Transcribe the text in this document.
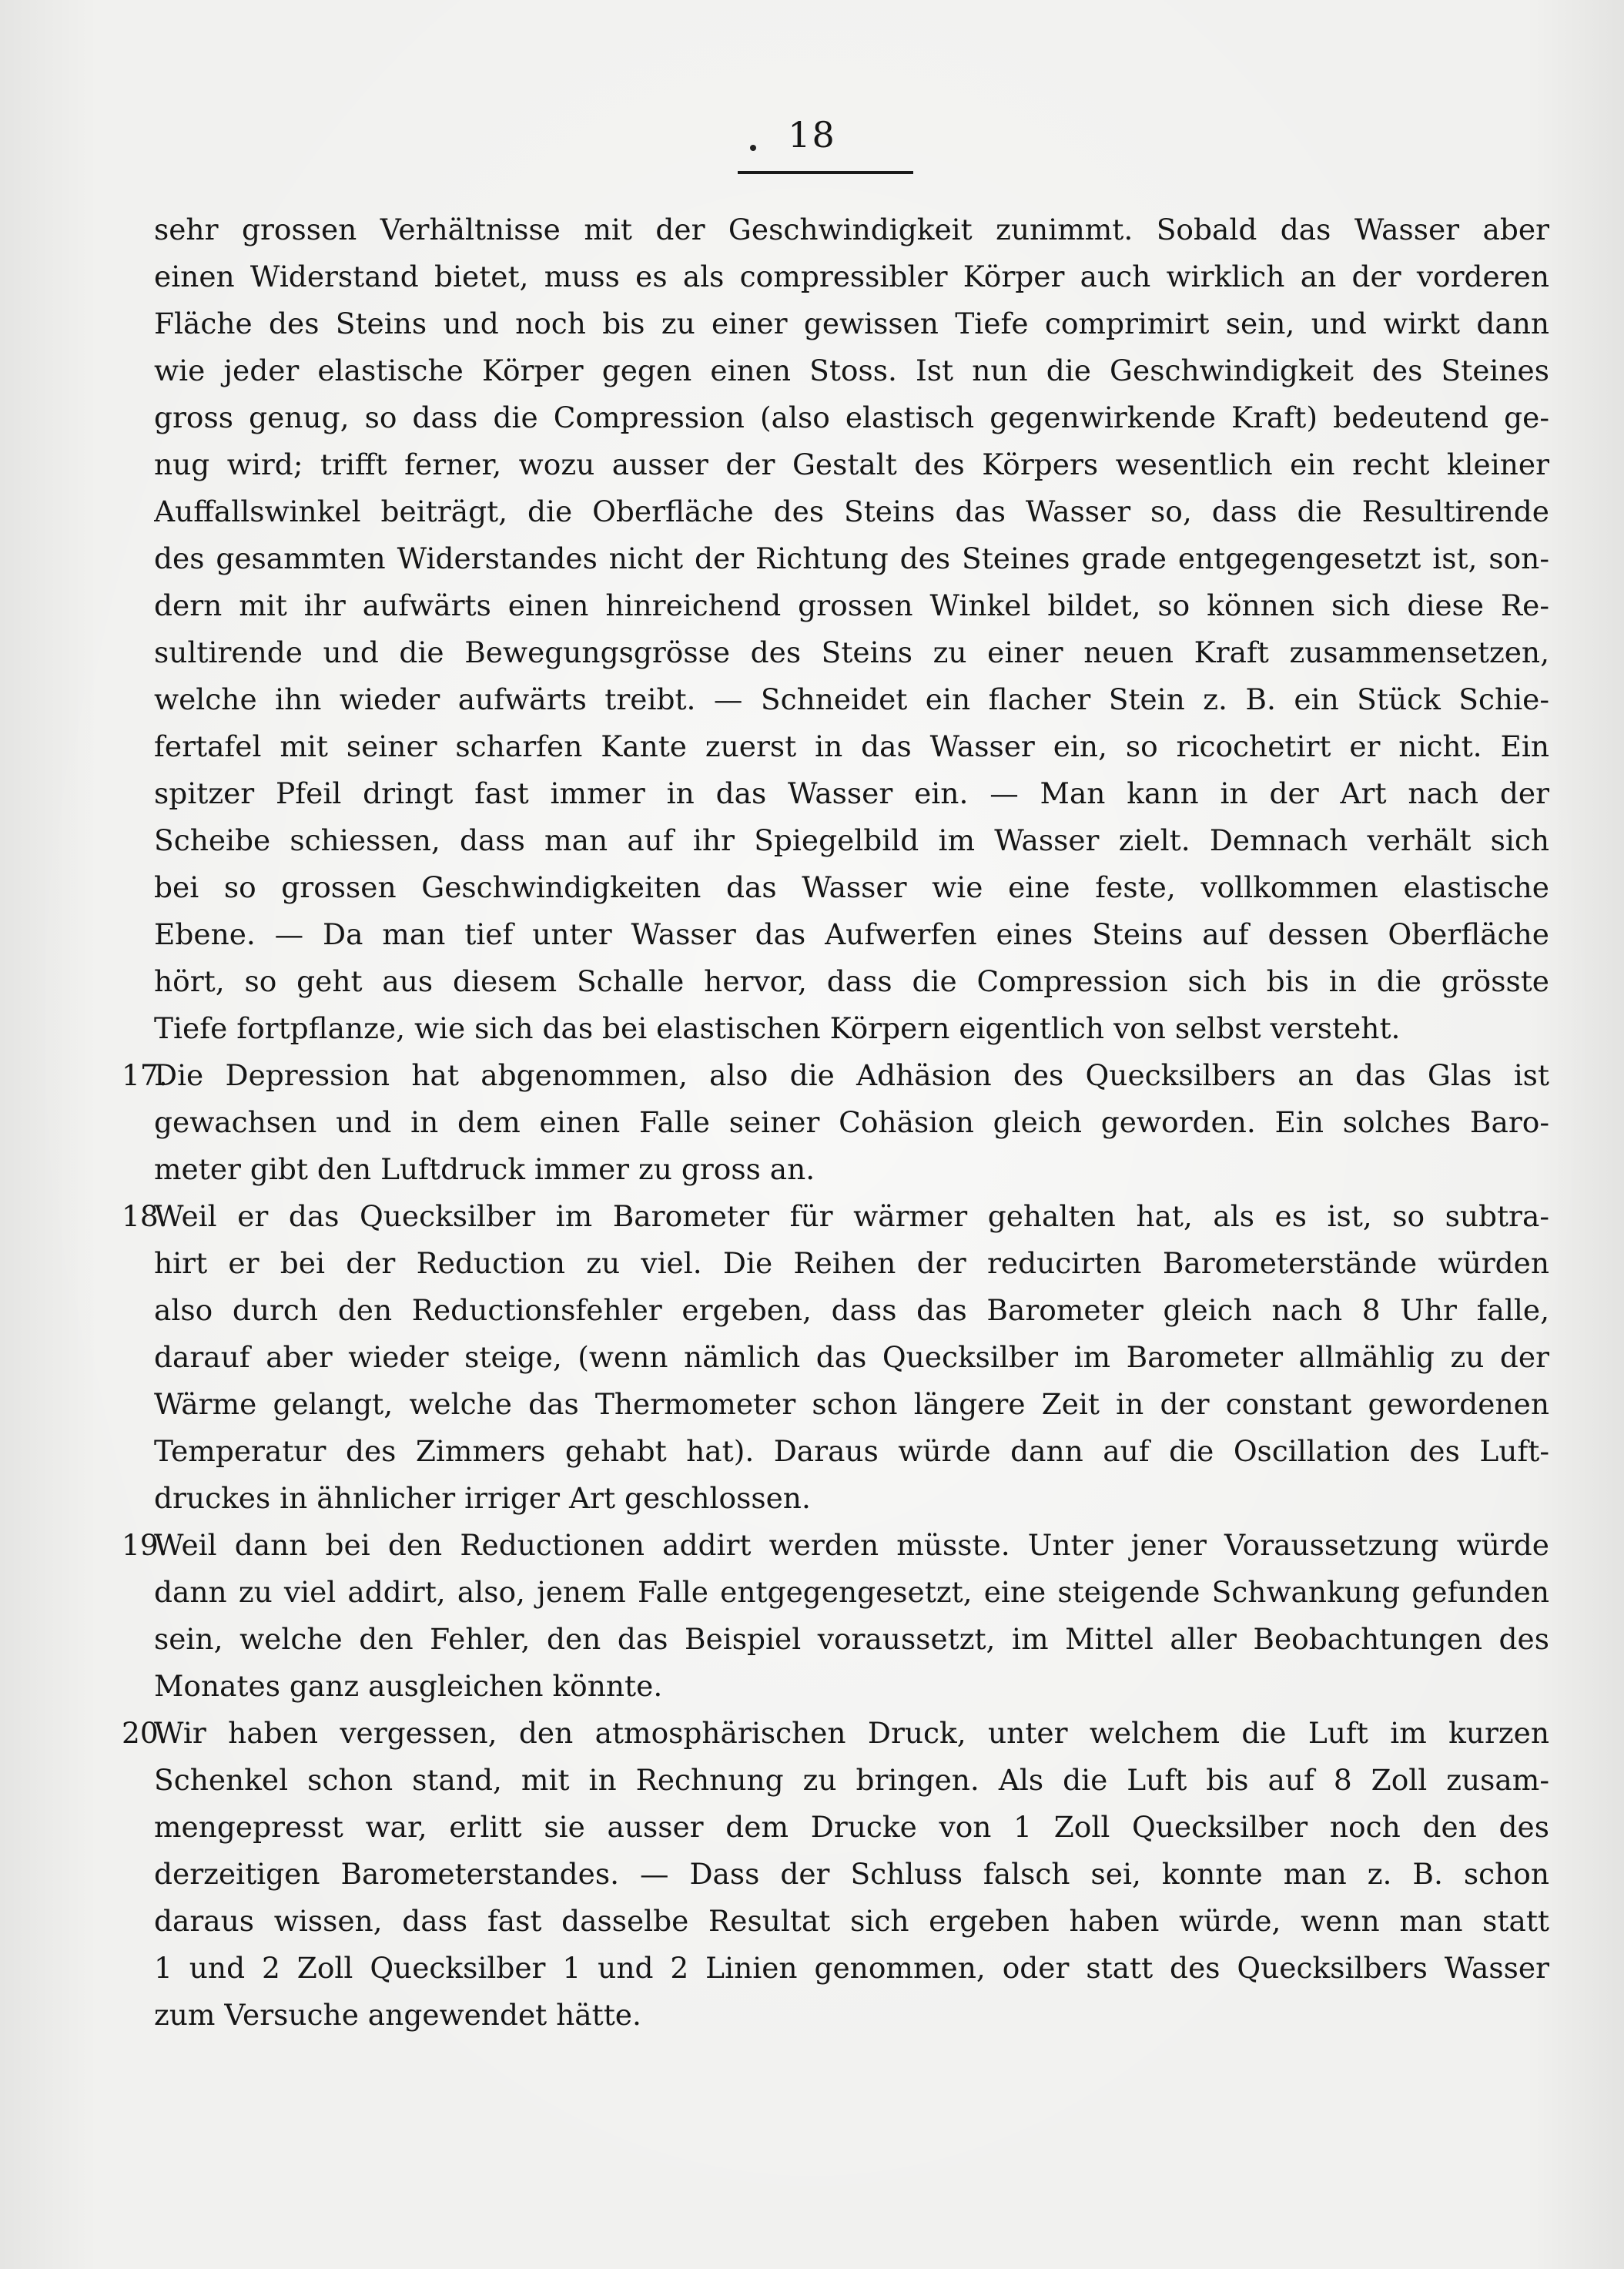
18
sehr grossen Verhältnisse mit der Geschwindigkeit zunimmt. Sobald das Wasser aber
einen Widerstand bietet, muss es als compressibler Körper auch wirklich an der vorderen
Fläche des Steins und noch bis zu einer gewissen Tiefe comprimirt sein, und wirkt dann
wie jeder elastische Körper gegen einen Stoss. Ist nun die Geschwindigkeit des Steines
gross genug, so dass die Compression (also elastisch gegenwirkende Kraft) bedeutend ge-
nug wird; trifft ferner, wozu ausser der Gestalt des Körpers wesentlich ein recht kleiner
Auffallswinkel beiträgt, die Oberfläche des Steins das Wasser so, dass die Resultirende
des gesammten Widerstandes nicht der Richtung des Steines grade entgegengesetzt ist, son-
dern mit ihr aufwärts einen hinreichend grossen Winkel bildet, so können sich diese Re-
sultirende und die Bewegungsgrösse des Steins zu einer neuen Kraft zusammensetzen,
welche ihn wieder aufwärts treibt. — Schneidet ein flacher Stein z. B. ein Stück Schie-
fertafel mit seiner scharfen Kante zuerst in das Wasser ein, so ricochetirt er nicht. Ein
spitzer Pfeil dringt fast immer in das Wasser ein. — Man kann in der Art nach der
Scheibe schiessen, dass man auf ihr Spiegelbild im Wasser zielt. Demnach verhält sich
bei so grossen Geschwindigkeiten das Wasser wie eine feste, vollkommen elastische
Ebene. — Da man tief unter Wasser das Aufwerfen eines Steins auf dessen Oberfläche
hört, so geht aus diesem Schalle hervor, dass die Compression sich bis in die grösste
Tiefe fortpflanze, wie sich das bei elastischen Körpern eigentlich von selbst versteht.
17.
Die Depression hat abgenommen, also die Adhäsion des Quecksilbers an das Glas ist
gewachsen und in dem einen Falle seiner Cohäsion gleich geworden. Ein solches Baro-
meter gibt den Luftdruck immer zu gross an.
18.
Weil er das Quecksilber im Barometer für wärmer gehalten hat, als es ist, so subtra-
hirt er bei der Reduction zu viel. Die Reihen der reducirten Barometerstände würden
also durch den Reductionsfehler ergeben, dass das Barometer gleich nach 8 Uhr falle,
darauf aber wieder steige, (wenn nämlich das Quecksilber im Barometer allmählig zu der
Wärme gelangt, welche das Thermometer schon längere Zeit in der constant gewordenen
Temperatur des Zimmers gehabt hat). Daraus würde dann auf die Oscillation des Luft-
druckes in ähnlicher irriger Art geschlossen.
19.
Weil dann bei den Reductionen addirt werden müsste. Unter jener Voraussetzung würde
dann zu viel addirt, also, jenem Falle entgegengesetzt, eine steigende Schwankung gefunden
sein, welche den Fehler, den das Beispiel voraussetzt, im Mittel aller Beobachtungen des
Monates ganz ausgleichen könnte.
20.
Wir haben vergessen, den atmosphärischen Druck, unter welchem die Luft im kurzen
Schenkel schon stand, mit in Rechnung zu bringen. Als die Luft bis auf 8 Zoll zusam-
mengepresst war, erlitt sie ausser dem Drucke von 1 Zoll Quecksilber noch den des
derzeitigen Barometerstandes. — Dass der Schluss falsch sei, konnte man z. B. schon
daraus wissen, dass fast dasselbe Resultat sich ergeben haben würde, wenn man statt
1 und 2 Zoll Quecksilber 1 und 2 Linien genommen, oder statt des Quecksilbers Wasser
zum Versuche angewendet hätte.
